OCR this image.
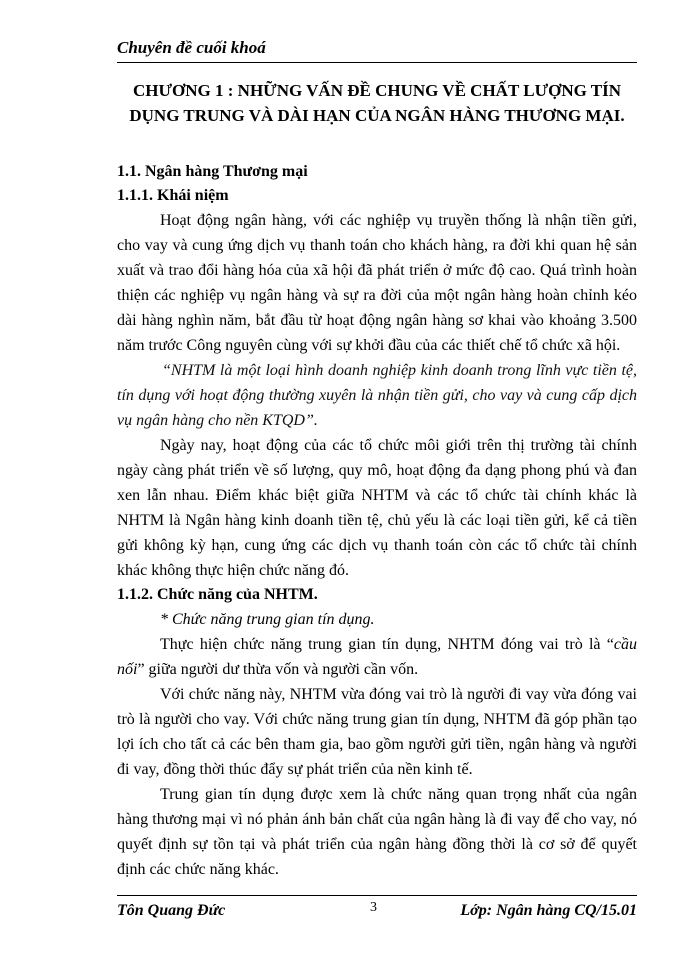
Chuyên đề cuối khoá
CHƯƠNG 1 : NHỮNG VẤN ĐỀ CHUNG VỀ CHẤT LƯỢNG TÍN DỤNG TRUNG VÀ DÀI HẠN CỦA NGÂN HÀNG THƯƠNG MẠI.
1.1. Ngân hàng Thương mại
1.1.1. Khái niệm

Hoạt động ngân hàng, với các nghiệp vụ truyền thống là nhận tiền gửi, cho vay và cung ứng dịch vụ thanh toán cho khách hàng, ra đời khi quan hệ sản xuất và trao đổi hàng hóa của xã hội đã phát triển ở mức độ cao. Quá trình hoàn thiện các nghiệp vụ ngân hàng và sự ra đời của một ngân hàng hoàn chỉnh kéo dài hàng nghìn năm, bắt đầu từ hoạt động ngân hàng sơ khai vào khoảng 3.500 năm trước Công nguyên cùng với sự khởi đầu của các thiết chế tổ chức xã hội.

“NHTM là một loại hình doanh nghiệp kinh doanh trong lĩnh vực tiền tệ, tín dụng với hoạt động thường xuyên là nhận tiền gửi, cho vay và cung cấp dịch vụ ngân hàng cho nền KTQD”.

Ngày nay, hoạt động của các tổ chức môi giới trên thị trường tài chính ngày càng phát triển về số lượng, quy mô, hoạt động đa dạng phong phú và đan xen lẫn nhau. Điểm khác biệt giữa NHTM và các tổ chức tài chính khác là NHTM là Ngân hàng kinh doanh tiền tệ, chủ yếu là các loại tiền gửi, kể cả tiền gửi không kỳ hạn, cung ứng các dịch vụ thanh toán còn các tổ chức tài chính khác không thực hiện chức năng đó.

1.1.2. Chức năng của NHTM.

* Chức năng trung gian tín dụng.

Thực hiện chức năng trung gian tín dụng, NHTM đóng vai trò là “cầu nối” giữa người dư thừa vốn và người cần vốn.

Với chức năng này, NHTM vừa đóng vai trò là người đi vay vừa đóng vai trò là người cho vay. Với chức năng trung gian tín dụng, NHTM đã góp phần tạo lợi ích cho tất cả các bên tham gia, bao gồm người gửi tiền, ngân hàng và người đi vay, đồng thời thúc đẩy sự phát triển của nền kinh tế.

Trung gian tín dụng được xem là chức năng quan trọng nhất của ngân hàng thương mại vì nó phản ánh bản chất của ngân hàng là đi vay để cho vay, nó quyết định sự tồn tại và phát triển của ngân hàng đồng thời là cơ sở để quyết định các chức năng khác.

Tôn Quang Đức	3	Lớp: Ngân hàng CQ/15.01
